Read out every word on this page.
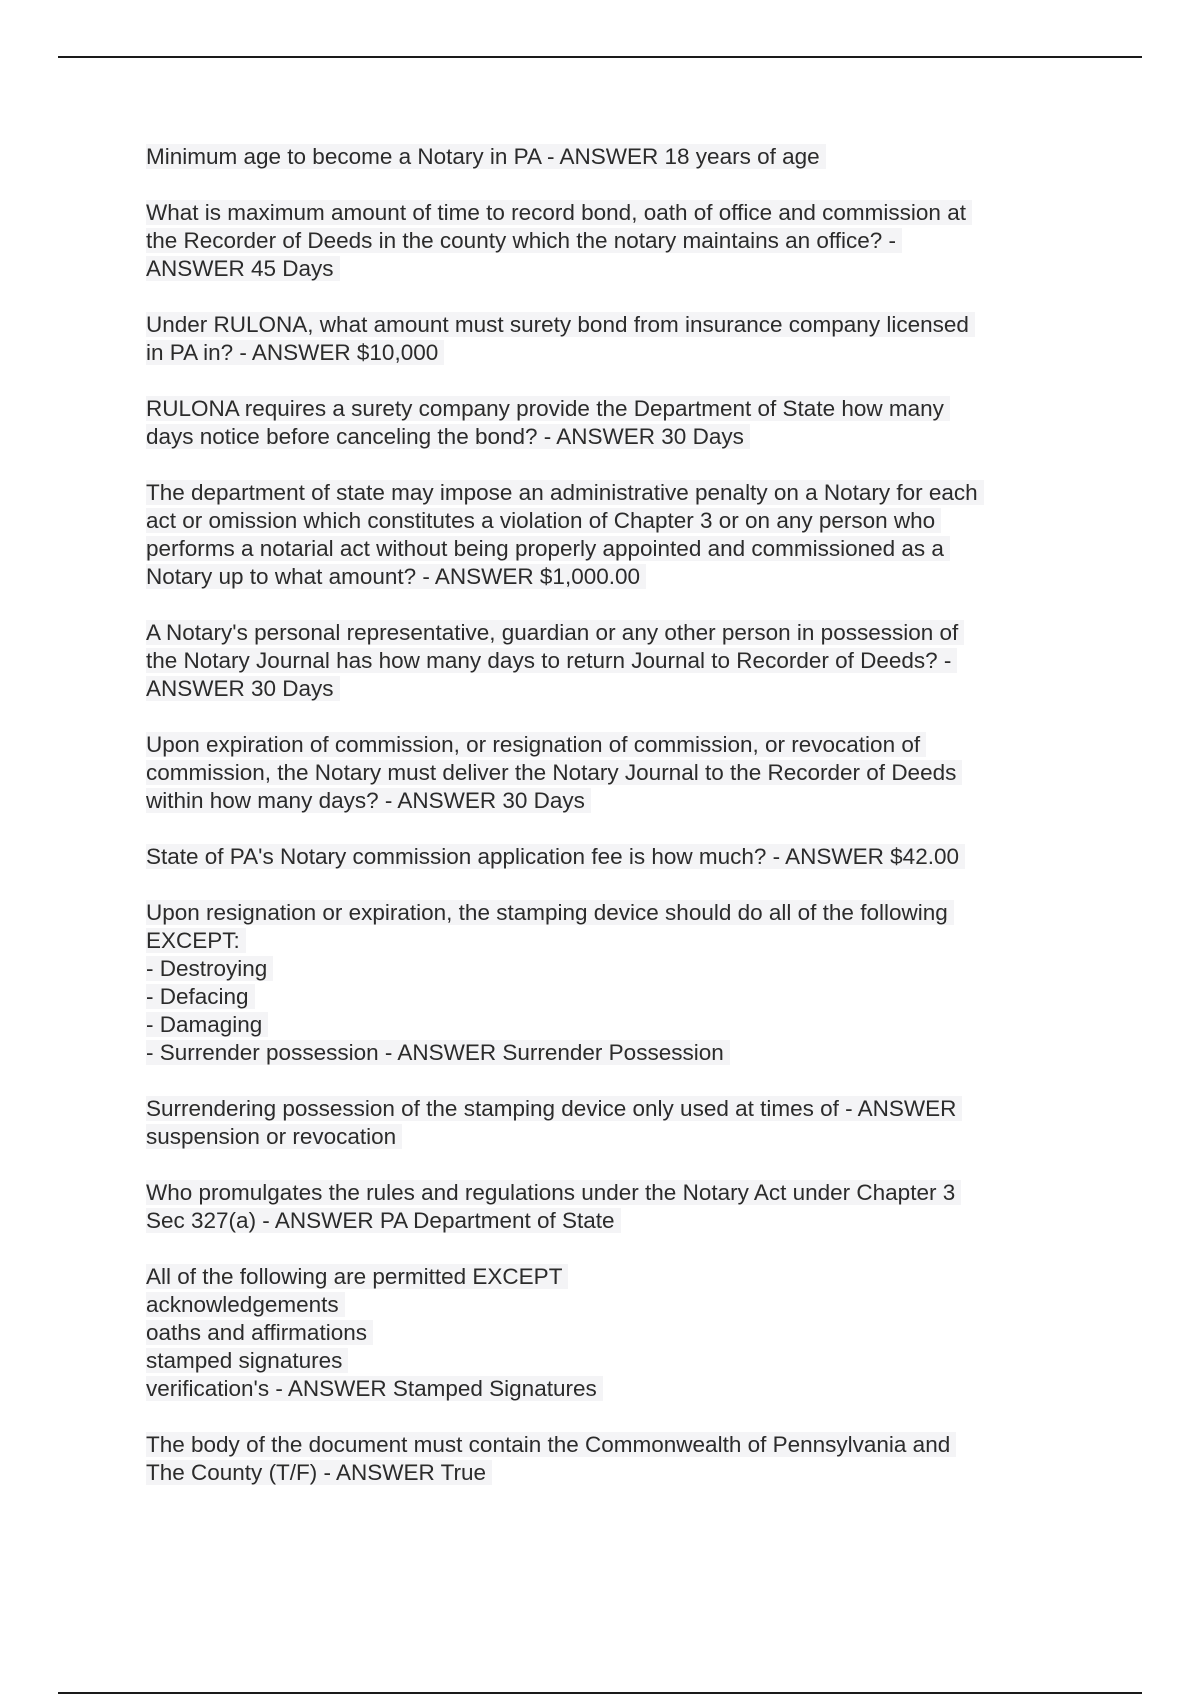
Minimum age to become a Notary in PA - ANSWER 18 years of age
What is maximum amount of time to record bond, oath of office and commission at
the Recorder of Deeds in the county which the notary maintains an office? -
ANSWER 45 Days
Under RULONA, what amount must surety bond from insurance company licensed
in PA in? - ANSWER $10,000
RULONA requires a surety company provide the Department of State how many
days notice before canceling the bond? - ANSWER 30 Days
The department of state may impose an administrative penalty on a Notary for each
act or omission which constitutes a violation of Chapter 3 or on any person who
performs a notarial act without being properly appointed and commissioned as a
Notary up to what amount? - ANSWER $1,000.00
A Notary's personal representative, guardian or any other person in possession of
the Notary Journal has how many days to return Journal to Recorder of Deeds? -
ANSWER 30 Days
Upon expiration of commission, or resignation of commission, or revocation of
commission, the Notary must deliver the Notary Journal to the Recorder of Deeds
within how many days? - ANSWER 30 Days
State of PA's Notary commission application fee is how much? - ANSWER $42.00
Upon resignation or expiration, the stamping device should do all of the following
EXCEPT:
- Destroying
- Defacing
- Damaging
- Surrender possession - ANSWER Surrender Possession
Surrendering possession of the stamping device only used at times of - ANSWER
suspension or revocation
Who promulgates the rules and regulations under the Notary Act under Chapter 3
Sec 327(a) - ANSWER PA Department of State
All of the following are permitted EXCEPT
acknowledgements
oaths and affirmations
stamped signatures
verification's - ANSWER Stamped Signatures
The body of the document must contain the Commonwealth of Pennsylvania and
The County (T/F) - ANSWER True
